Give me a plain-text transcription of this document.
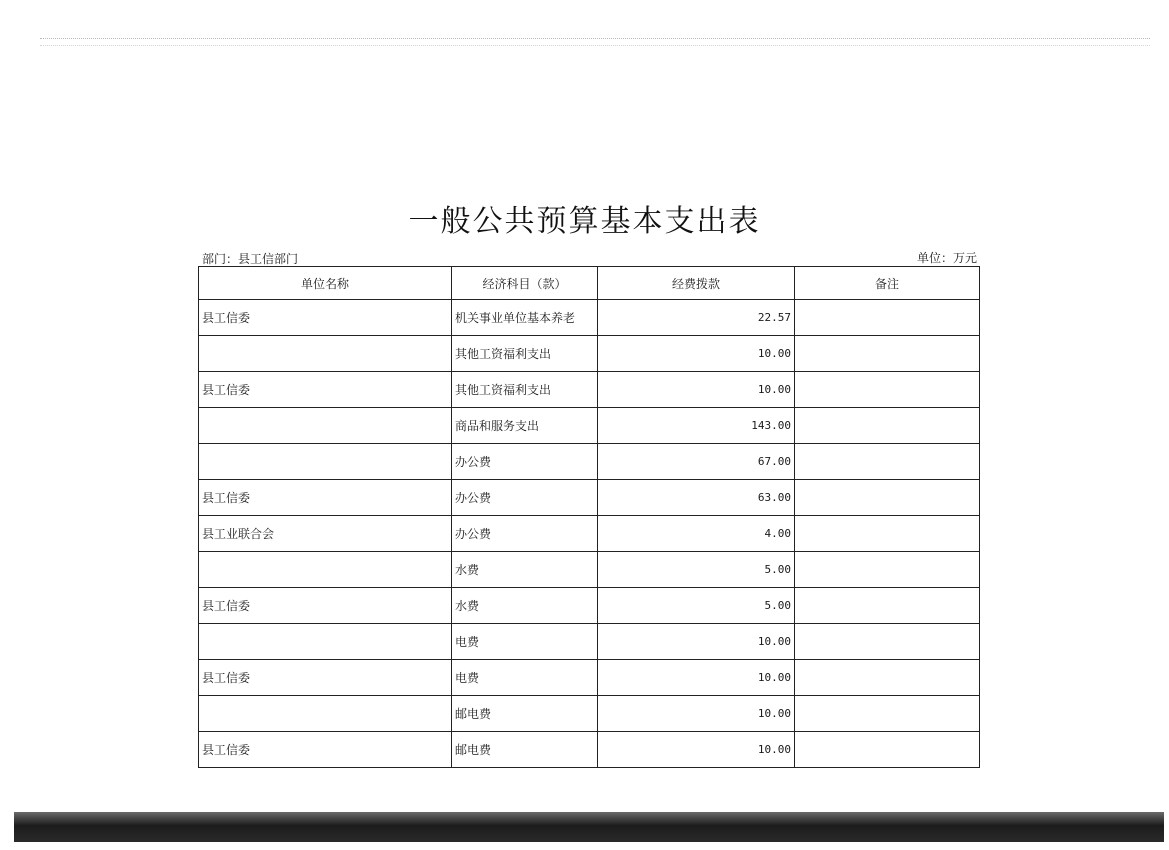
一般公共预算基本支出表
部门：县工信部门	单位：万元
单位名称	经济科目（款）	经费拨款	备注
县工信委	机关事业单位基本养老	22.57	
	其他工资福利支出	10.00	
县工信委	其他工资福利支出	10.00	
	商品和服务支出	143.00	
	办公费	67.00	
县工信委	办公费	63.00	
县工业联合会	办公费	4.00	
	水费	5.00	
县工信委	水费	5.00	
	电费	10.00	
县工信委	电费	10.00	
	邮电费	10.00	
县工信委	邮电费	10.00	
